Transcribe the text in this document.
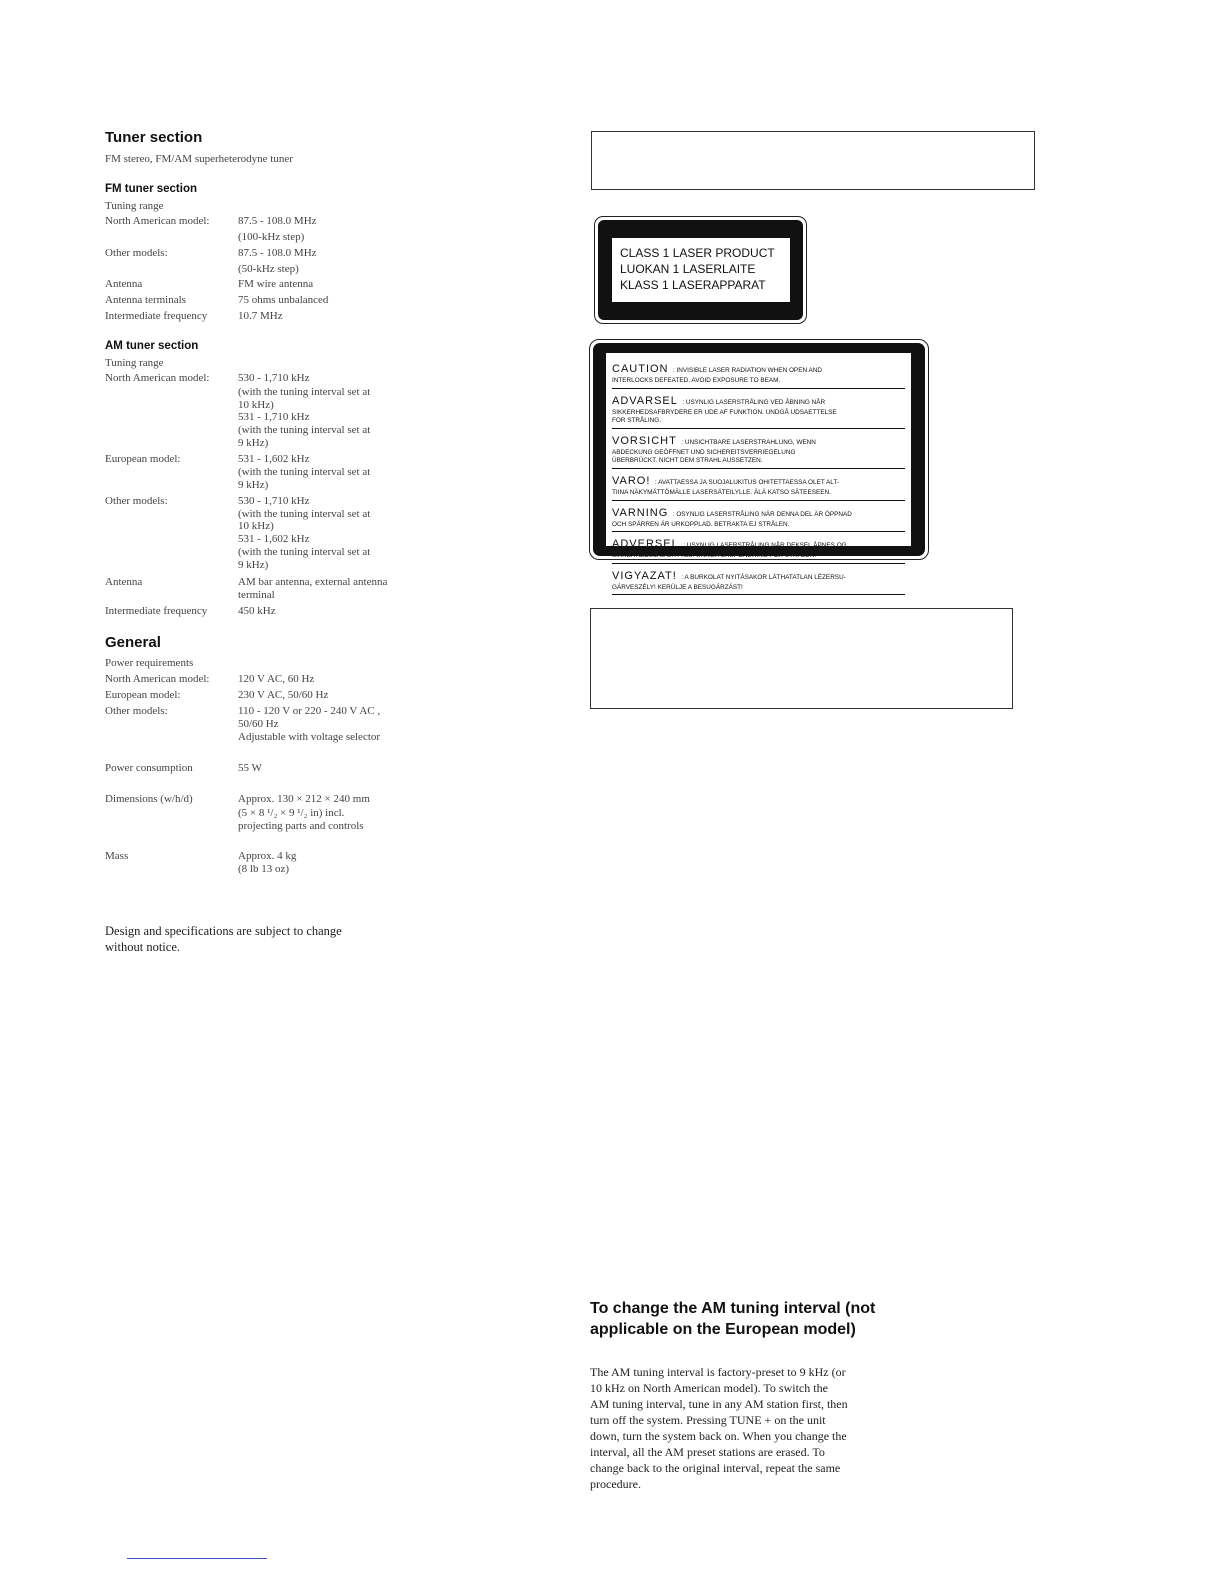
Tuner section
FM stereo, FM/AM superheterodyne tuner
FM tuner section
Tuning range
North American model:	87.5 - 108.0 MHz
(100-kHz step)
Other models:	87.5 - 108.0 MHz
(50-kHz step)
Antenna	FM wire antenna
Antenna terminals	75 ohms unbalanced
Intermediate frequency	10.7 MHz
AM tuner section
Tuning range
North American model:	530 - 1,710 kHz
(with the tuning interval set at
10 kHz)
531 - 1,710 kHz
(with the tuning interval set at
9 kHz)
European model:	531 - 1,602 kHz
(with the tuning interval set at
9 kHz)
Other models:	530 - 1,710 kHz
(with the tuning interval set at
10 kHz)
531 - 1,602 kHz
(with the tuning interval set at
9 kHz)
Antenna	AM bar antenna, external antenna
terminal
Intermediate frequency	450 kHz
General
Power requirements
North American model:	120 V AC, 60 Hz
European model:	230 V AC, 50/60 Hz
Other models:	110 - 120 V or 220 - 240 V AC ,
50/60 Hz
Adjustable with voltage selector
Power consumption	55 W
Dimensions (w/h/d)	Approx. 130 × 212 × 240 mm
(5 × 8 ¹/₂ × 9 ¹/₂ in) incl.
projecting parts and controls
Mass	Approx. 4 kg
(8 lb 13 oz)
Design and specifications are subject to change
without notice.
CLASS 1 LASER PRODUCT
LUOKAN 1 LASERLAITE
KLASS 1 LASERAPPARAT
CAUTION : INVISIBLE LASER RADIATION WHEN OPEN AND
INTERLOCKS DEFEATED. AVOID EXPOSURE TO BEAM.
ADVARSEL : USYNLIG LASERSTRÅLING VED ÅBNING NÅR
SIKKERHEDSAFBRYDERE ER UDE AF FUNKTION. UNDGÅ UDSAETTELSE
FOR STRÅLING.
VORSICHT : UNSICHTBARE LASERSTRAHLUNG, WENN
ABDECKUNG GEÖFFNET UND SICHEREITSVERRIEGELUNG
ÜBERBRÜCKT. NICHT DEM STRAHL AUSSETZEN.
VARO! : AVATTAESSA JA SUOJALUKITUS OHITETTAESSA OLET ALT-
TIINA NÄKYMÄTTÖMÄLLE LASERSÄTEILYLLE. ÄLÄ KATSO SÄTEESEEN.
VARNING : OSYNLIG LASERSTRÅLING NÄR DENNA DEL ÄR ÖPPNAD
OCH SPÄRREN ÄR URKOPPLAD. BETRAKTA EJ STRÅLEN.
ADVERSEL : USYNLIG LASERSTRÅLING NÅR DEKSEL ÅPNES OG
SIKKERHEDSLÅS BRYTES. UNNGÅ EKSPONERING FOR STRÅLEN.
VIGYAZAT! : A BURKOLAT NYITÁSAKOR LÁTHATATLAN LÉZERSU-
GÁRVESZÉLY! KERÜLJE A BESUGÁRZÁST!
To change the AM tuning interval (not applicable on the European model)
The AM tuning interval is factory-preset to 9 kHz (or
10 kHz on North American model). To switch the
AM tuning interval, tune in any AM station first, then
turn off the system. Pressing TUNE + on the unit
down, turn the system back on. When you change the
interval, all the AM preset stations are erased. To
change back to the original interval, repeat the same
procedure.
